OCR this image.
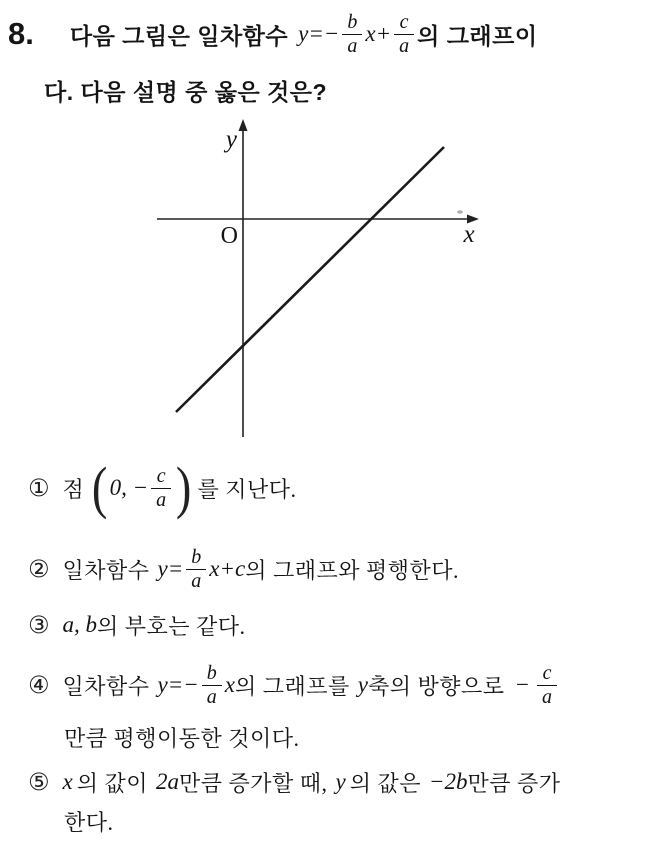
8. 다음 그림은 일차함수 $y=- \frac{b}{a} x+ \frac{c}{a}$ 의 그래프이
다. 다음 설명 중 옳은 것은?
y
x
O
① 점 ( 0, − $\frac{c}{a}$ ) 를 지난다.
② 일차함수 $y= \frac{b}{a} x+c$ 의 그래프와 평행한다.
③ a, b 의 부호는 같다.
④ 일차함수 $y=- \frac{b}{a}$ x 의 그래프를 y 축의 방향으로 − $\frac{c}{a}$
만큼 평행이동한 것이다.
⑤ x 의 값이 2a 만큼 증가할 때, y 의 값은 −2b 만큼 증가
한다.
